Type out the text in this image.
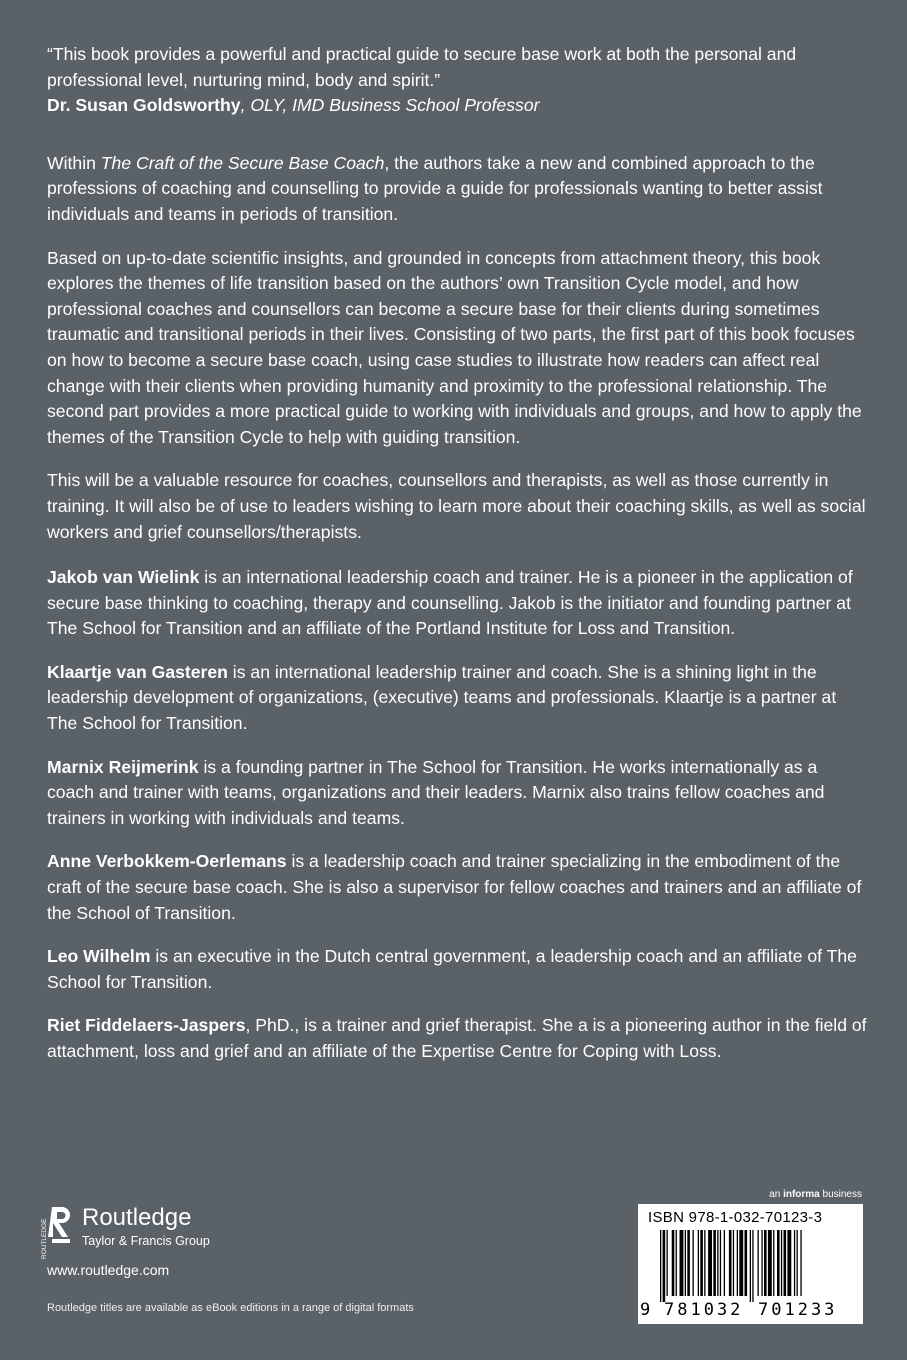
“This book provides a powerful and practical guide to secure base work at both the personal and professional level, nurturing mind, body and spirit.”

Dr. Susan Goldsworthy, OLY, IMD Business School Professor

Within The Craft of the Secure Base Coach, the authors take a new and combined approach to the professions of coaching and counselling to provide a guide for professionals wanting to better assist individuals and teams in periods of transition.

Based on up-to-date scientific insights, and grounded in concepts from attachment theory, this book explores the themes of life transition based on the authors’ own Transition Cycle model, and how professional coaches and counsellors can become a secure base for their clients during sometimes traumatic and transitional periods in their lives. Consisting of two parts, the first part of this book focuses on how to become a secure base coach, using case studies to illustrate how readers can affect real change with their clients when providing humanity and proximity to the professional relationship. The second part provides a more practical guide to working with individuals and groups, and how to apply the themes of the Transition Cycle to help with guiding transition.

This will be a valuable resource for coaches, counsellors and therapists, as well as those currently in training. It will also be of use to leaders wishing to learn more about their coaching skills, as well as social workers and grief counsellors/therapists.

Jakob van Wielink is an international leadership coach and trainer. He is a pioneer in the application of secure base thinking to coaching, therapy and counselling. Jakob is the initiator and founding partner at The School for Transition and an affiliate of the Portland Institute for Loss and Transition.

Klaartje van Gasteren is an international leadership trainer and coach. She is a shining light in the leadership development of organizations, (executive) teams and professionals. Klaartje is a partner at The School for Transition.

Marnix Reijmerink is a founding partner in The School for Transition. He works internationally as a coach and trainer with teams, organizations and their leaders. Marnix also trains fellow coaches and trainers in working with individuals and teams.

Anne Verbokkem-Oerlemans is a leadership coach and trainer specializing in the embodiment of the craft of the secure base coach. She is also a supervisor for fellow coaches and trainers and an affiliate of the School of Transition.

Leo Wilhelm is an executive in the Dutch central government, a leadership coach and an affiliate of The School for Transition.

Riet Fiddelaers-Jaspers, PhD., is a trainer and grief therapist. She a is a pioneering author in the field of attachment, loss and grief and an affiliate of the Expertise Centre for Coping with Loss.

ROUTLEDGE
Routledge
Taylor & Francis Group
www.routledge.com
Routledge titles are available as eBook editions in a range of digital formats
an informa business
ISBN 978-1-032-70123-3
9 781032 701233
